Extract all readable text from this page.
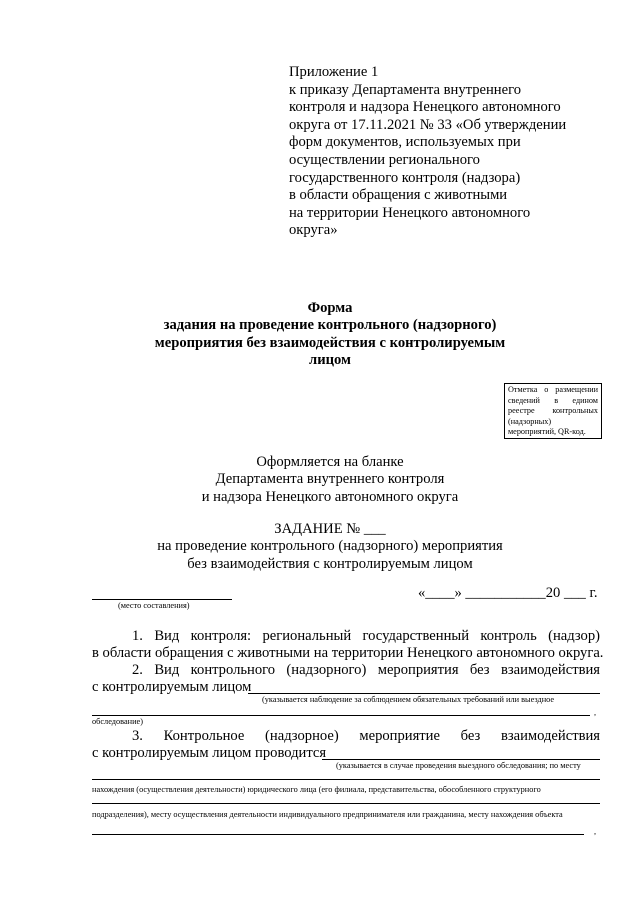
Приложение 1
к приказу Департамента внутреннего
контроля и надзора Ненецкого автономного
округа от 17.11.2021 № 33 «Об утверждении
форм документов, используемых при
осуществлении регионального
государственного контроля (надзора)
в области обращения с животными
на территории Ненецкого автономного
округа»
Форма
задания на проведение контрольного (надзорного)
мероприятия без взаимодействия с контролируемым
лицом
Отметка о размещении сведений в едином реестре контрольных (надзорных) мероприятий, QR-код.
Оформляется на бланке
Департамента внутреннего контроля
и надзора Ненецкого автономного округа
ЗАДАНИЕ № ___
на проведение контрольного (надзорного) мероприятия
без взаимодействия с контролируемым лицом
(место составления)
«____» ___________20 ___ г.
1. Вид контроля: региональный государственный контроль (надзор)
в области обращения с животными на территории Ненецкого автономного округа.
2. Вид контрольного (надзорного) мероприятия без взаимодействия
с контролируемым лицом
(указывается наблюдение за соблюдением обязательных требований или выездное
,
обследование)
3. Контрольное (надзорное) мероприятие без взаимодействия
с контролируемым лицом проводится
(указывается в случае проведения выездного обследования; по месту
нахождения (осуществления деятельности) юридического лица (его филиала, представительства, обособленного структурного
подразделения), месту осуществления деятельности индивидуального предпринимателя или гражданина, месту нахождения объекта
,
